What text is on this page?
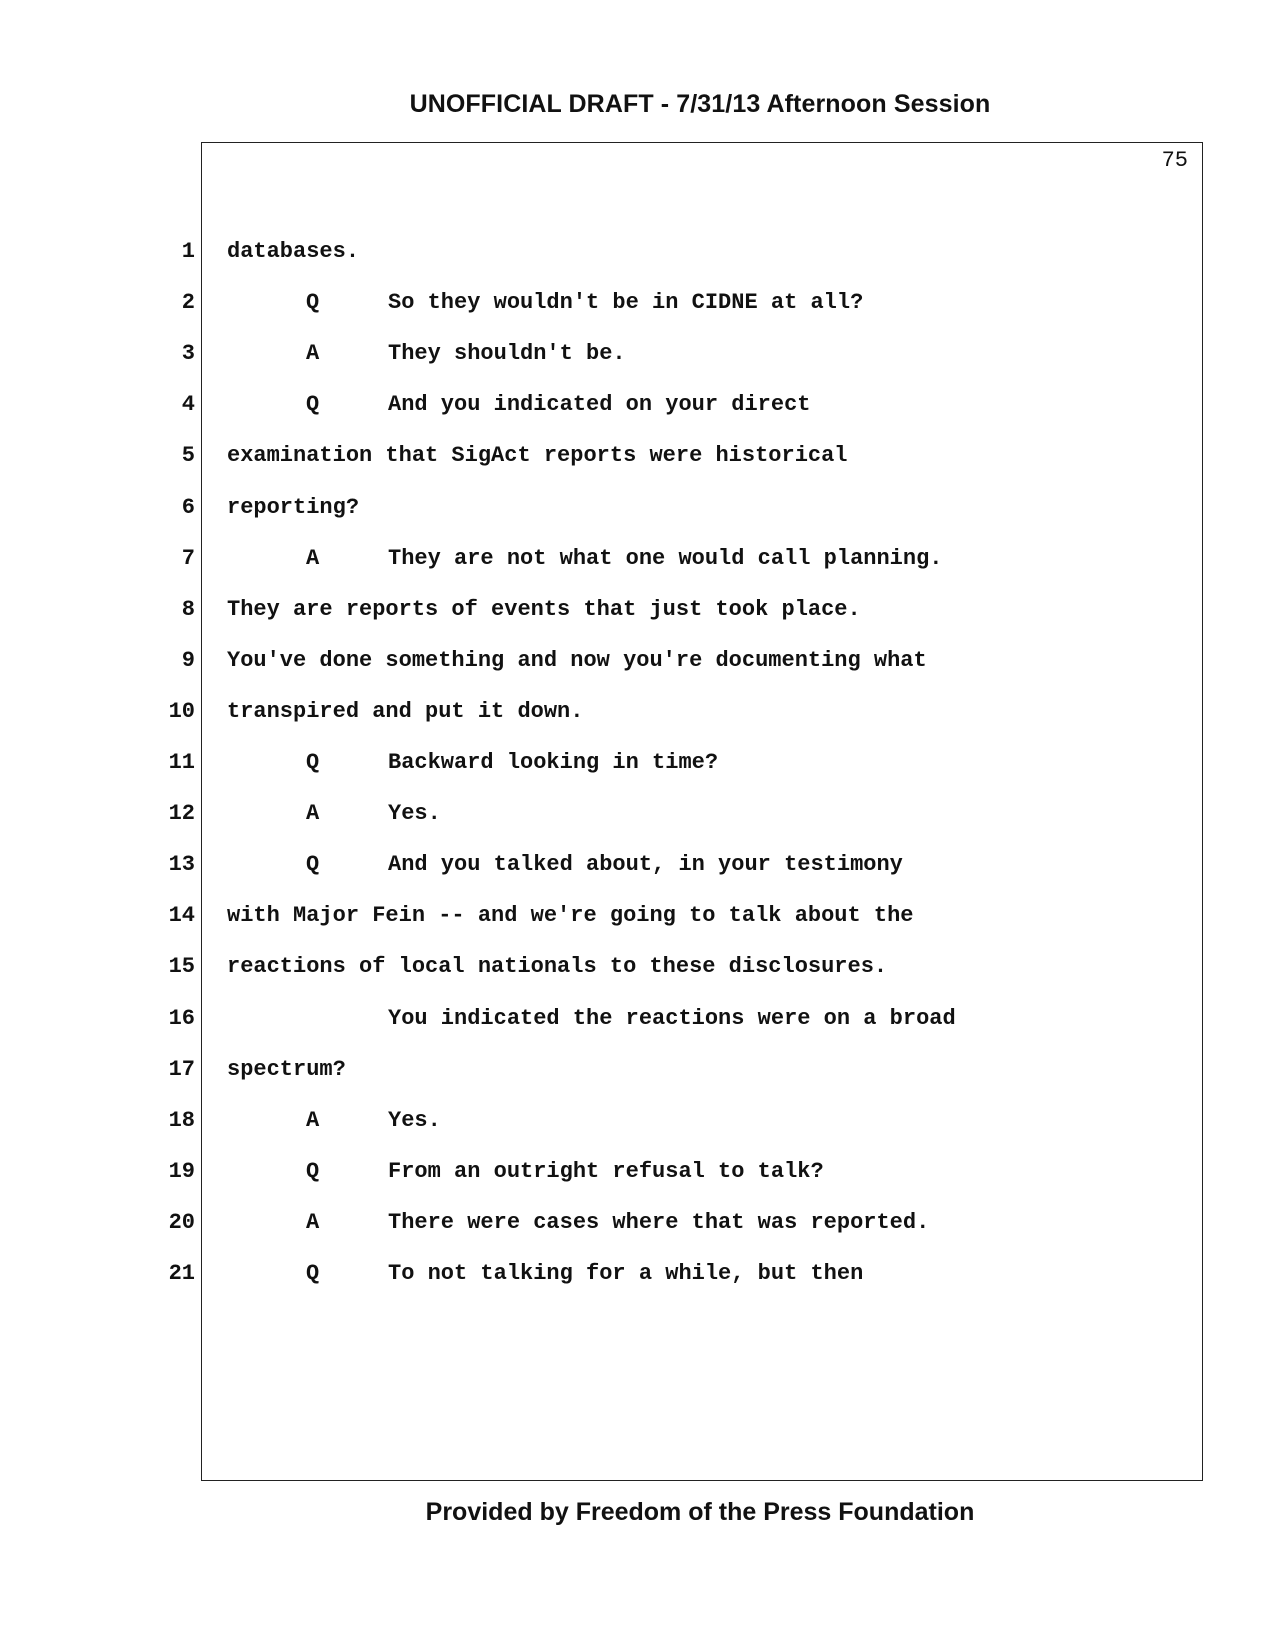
UNOFFICIAL DRAFT - 7/31/13 Afternoon Session
75
1 databases.
2	Q	So they wouldn't be in CIDNE at all?
3	A	They shouldn't be.
4	Q	And you indicated on your direct
5 examination that SigAct reports were historical
6 reporting?
7	A	They are not what one would call planning.
8 They are reports of events that just took place.
9 You've done something and now you're documenting what
10 transpired and put it down.
11	Q	Backward looking in time?
12	A	Yes.
13	Q	And you talked about, in your testimony
14 with Major Fein -- and we're going to talk about the
15 reactions of local nationals to these disclosures.
16	You indicated the reactions were on a broad
17 spectrum?
18	A	Yes.
19	Q	From an outright refusal to talk?
20	A	There were cases where that was reported.
21	Q	To not talking for a while, but then
Provided by Freedom of the Press Foundation
